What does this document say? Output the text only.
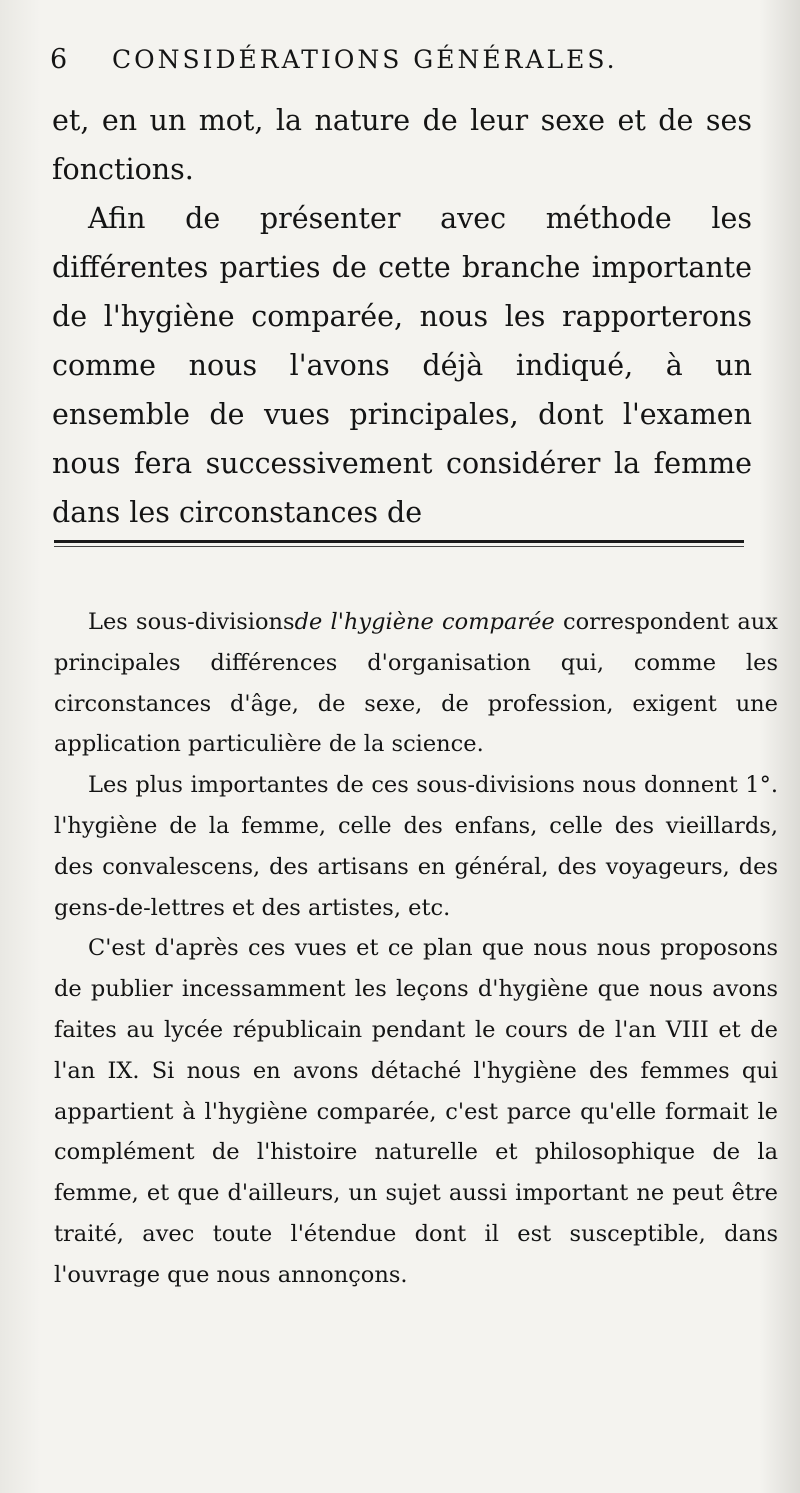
6 CONSIDÉRATIONS GÉNÉRALES.

et, en un mot, la nature de leur sexe et de ses fonctions.

Afin de présenter avec méthode les différentes parties de cette branche importante de l'hygiène comparée, nous les rapporterons comme nous l'avons déjà indiqué, à un ensemble de vues principales, dont l'examen nous fera successivement considérer la femme dans les circonstances de

Les sous-divisionsde l'hygiène comparée correspondent aux principales différences d'organisation qui, comme les circonstances d'âge, de sexe, de profession, exigent une application particulière de la science.

Les plus importantes de ces sous-divisions nous donnent 1°. l'hygiène de la femme, celle des enfans, celle des vieillards, des convalescens, des artisans en général, des voyageurs, des gens-de-lettres et des artistes, etc.

C'est d'après ces vues et ce plan que nous nous proposons de publier incessamment les leçons d'hygiène que nous avons faites au lycée républicain pendant le cours de l'an VIII et de l'an IX. Si nous en avons détaché l'hygiène des femmes qui appartient à l'hygiène comparée, c'est parce qu'elle formait le complément de l'histoire naturelle et philosophique de la femme, et que d'ailleurs, un sujet aussi important ne peut être traité, avec toute l'étendue dont il est susceptible, dans l'ouvrage que nous annonçons.
